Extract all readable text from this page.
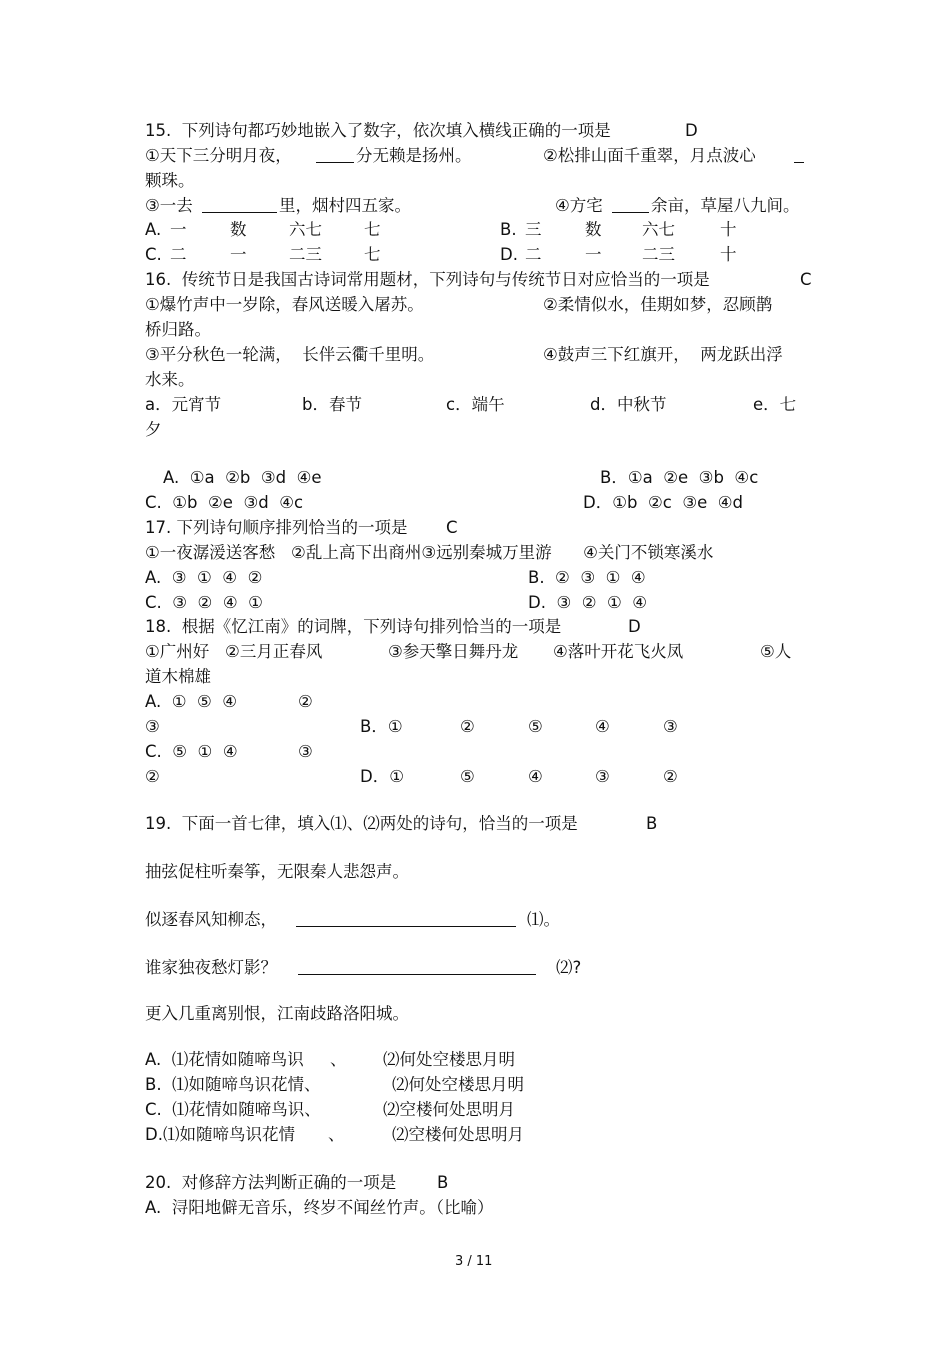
15.  下列诗句都巧妙地嵌入了数字，依次填入横线正确的一项是	D
①天下三分明月夜，	分无赖是扬州。	②松排山面千重翠，月点波心
颗珠。
③一去	里，烟村四五家。	④方宅	余亩，草屋八九间。
A. 一	数	六七	七	B. 三	数 六七	十
C. 二	一	二三	七	D. 二	一 二三	十
16.  传统节日是我国古诗词常用题材，下列诗句与传统节日对应恰当的一项是	C
①爆竹声中一岁除，春风送暖入屠苏。	②柔情似水，佳期如梦，忍顾鹊
桥归路。
③平分秋色一轮满，  长伴云衢千里明。	④鼓声三下红旗开，  两龙跃出浮
水来。
a．元宵节	b．春节	c．端午	d．中秋节	e．七
夕
A.  ①a  ②b  ③d  ④e	B．①a  ②e  ③b  ④c
C.  ①b  ②e  ③d  ④c	D．①b  ②c  ③e  ④d
17. 下列诗句顺序排列恰当的一项是 C
①一夜潺湲送客愁   ②乱上高下出商州③远别秦城万里游      ④关门不锁寒溪水
A.  ③  ①  ④  ②	B.  ②  ③  ①  ④
C.  ③  ②  ④  ①	D.  ③  ②  ①  ④
18.  根据《忆江南》的词牌，下列诗句排列恰当的一项是	D
①广州好   ②三月正春风	③参天擎日舞丹龙 ④落叶开花飞火凤	⑤人
道木棉雄
A.  ①  ⑤  ④	②
③	B．①	②	⑤	④	③
C.  ⑤  ①  ④	③
②	D．①	⑤	④	③	②
19.  下面一首七律，填入⑴、⑵两处的诗句，恰当的一项是	B
抽弦促柱听秦筝，无限秦人悲怨声。
似逐春风知柳态，	⑴。
谁家独夜愁灯影？	⑵?
更入几重离别恨，江南歧路洛阳城。
A.  ⑴花情如随啼鸟识 、 ⑵何处空楼思月明
B.  ⑴如随啼鸟识花情、	⑵何处空楼思月明
C.  ⑴花情如随啼鸟识、	⑵空楼何处思明月
D.⑴如随啼鸟识花情 、	⑵空楼何处思明月
20.  对修辞方法判断正确的一项是 B
A.  浔阳地僻无音乐，终岁不闻丝竹声。（比喻）
3 / 11
